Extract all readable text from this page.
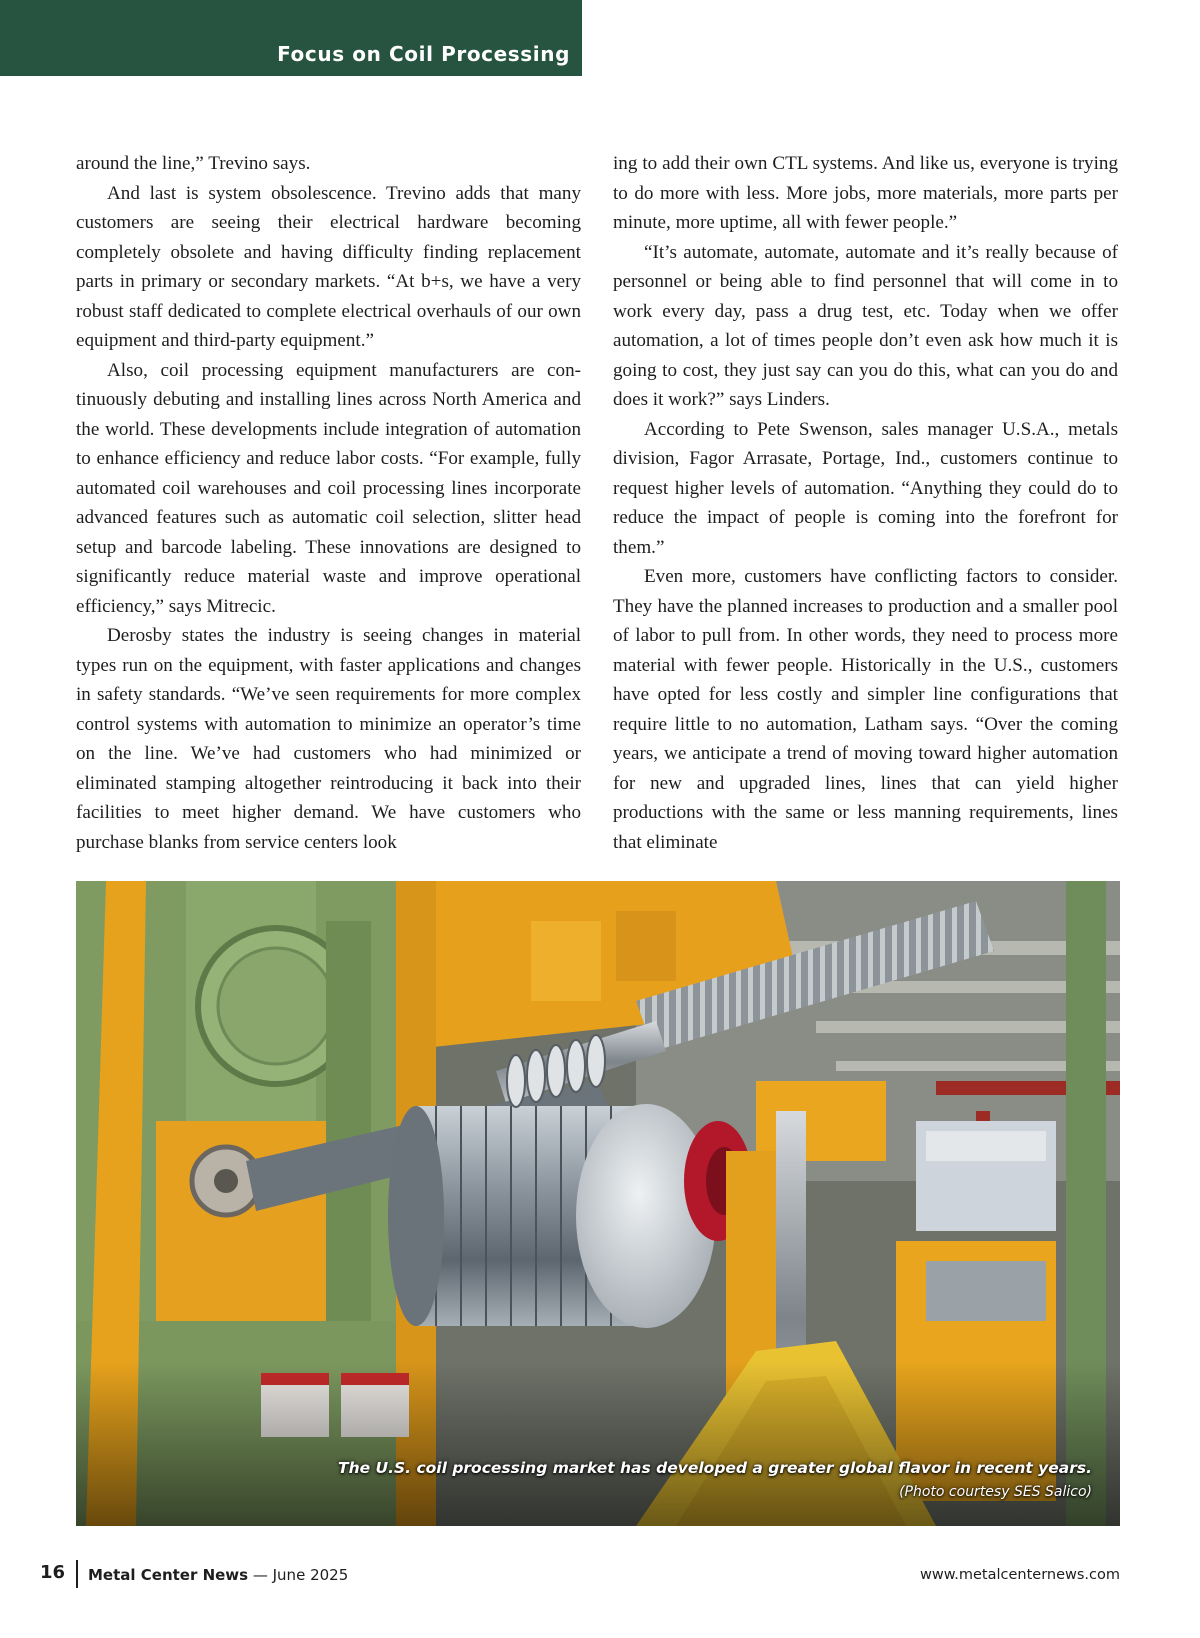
Focus on Coil Processing

around the line,” Trevino says.

And last is system obsolescence. Trevino adds that many customers are seeing their electrical hardware becoming completely obsolete and having difficulty finding replacement parts in primary or secondary markets. “At b+s, we have a very robust staff dedicated to complete electrical overhauls of our own equipment and third-party equipment.”

Also, coil processing equipment manufacturers are continuously debuting and installing lines across North America and the world. These developments include integration of automation to enhance efficiency and reduce labor costs. “For example, fully automated coil warehouses and coil processing lines incorporate advanced features such as automatic coil selection, slitter head setup and barcode labeling. These innovations are designed to significantly reduce material waste and improve operational efficiency,” says Mitrecic.

Derosby states the industry is seeing changes in material types run on the equipment, with faster applications and changes in safety standards. “We’ve seen requirements for more complex control systems with automation to minimize an operator’s time on the line. We’ve had customers who had minimized or eliminated stamping altogether reintroducing it back into their facilities to meet higher demand. We have customers who purchase blanks from service centers look

ing to add their own CTL systems. And like us, everyone is trying to do more with less. More jobs, more materials, more parts per minute, more uptime, all with fewer people.”

“It’s automate, automate, automate and it’s really because of personnel or being able to find personnel that will come in to work every day, pass a drug test, etc. Today when we offer automation, a lot of times people don’t even ask how much it is going to cost, they just say can you do this, what can you do and does it work?” says Linders.

According to Pete Swenson, sales manager U.S.A., metals division, Fagor Arrasate, Portage, Ind., customers continue to request higher levels of automation. “Anything they could do to reduce the impact of people is coming into the forefront for them.”

Even more, customers have conflicting factors to consider. They have the planned increases to production and a smaller pool of labor to pull from. In other words, they need to process more material with fewer people. Historically in the U.S., customers have opted for less costly and simpler line configurations that require little to no automation, Latham says. “Over the coming years, we anticipate a trend of moving toward higher automation for new and upgraded lines, lines that can yield higher productions with the same or less manning requirements, lines that eliminate

The U.S. coil processing market has developed a greater global flavor in recent years.
(Photo courtesy SES Salico)
16 Metal Center News — June 2025	www.metalcenternews.com
